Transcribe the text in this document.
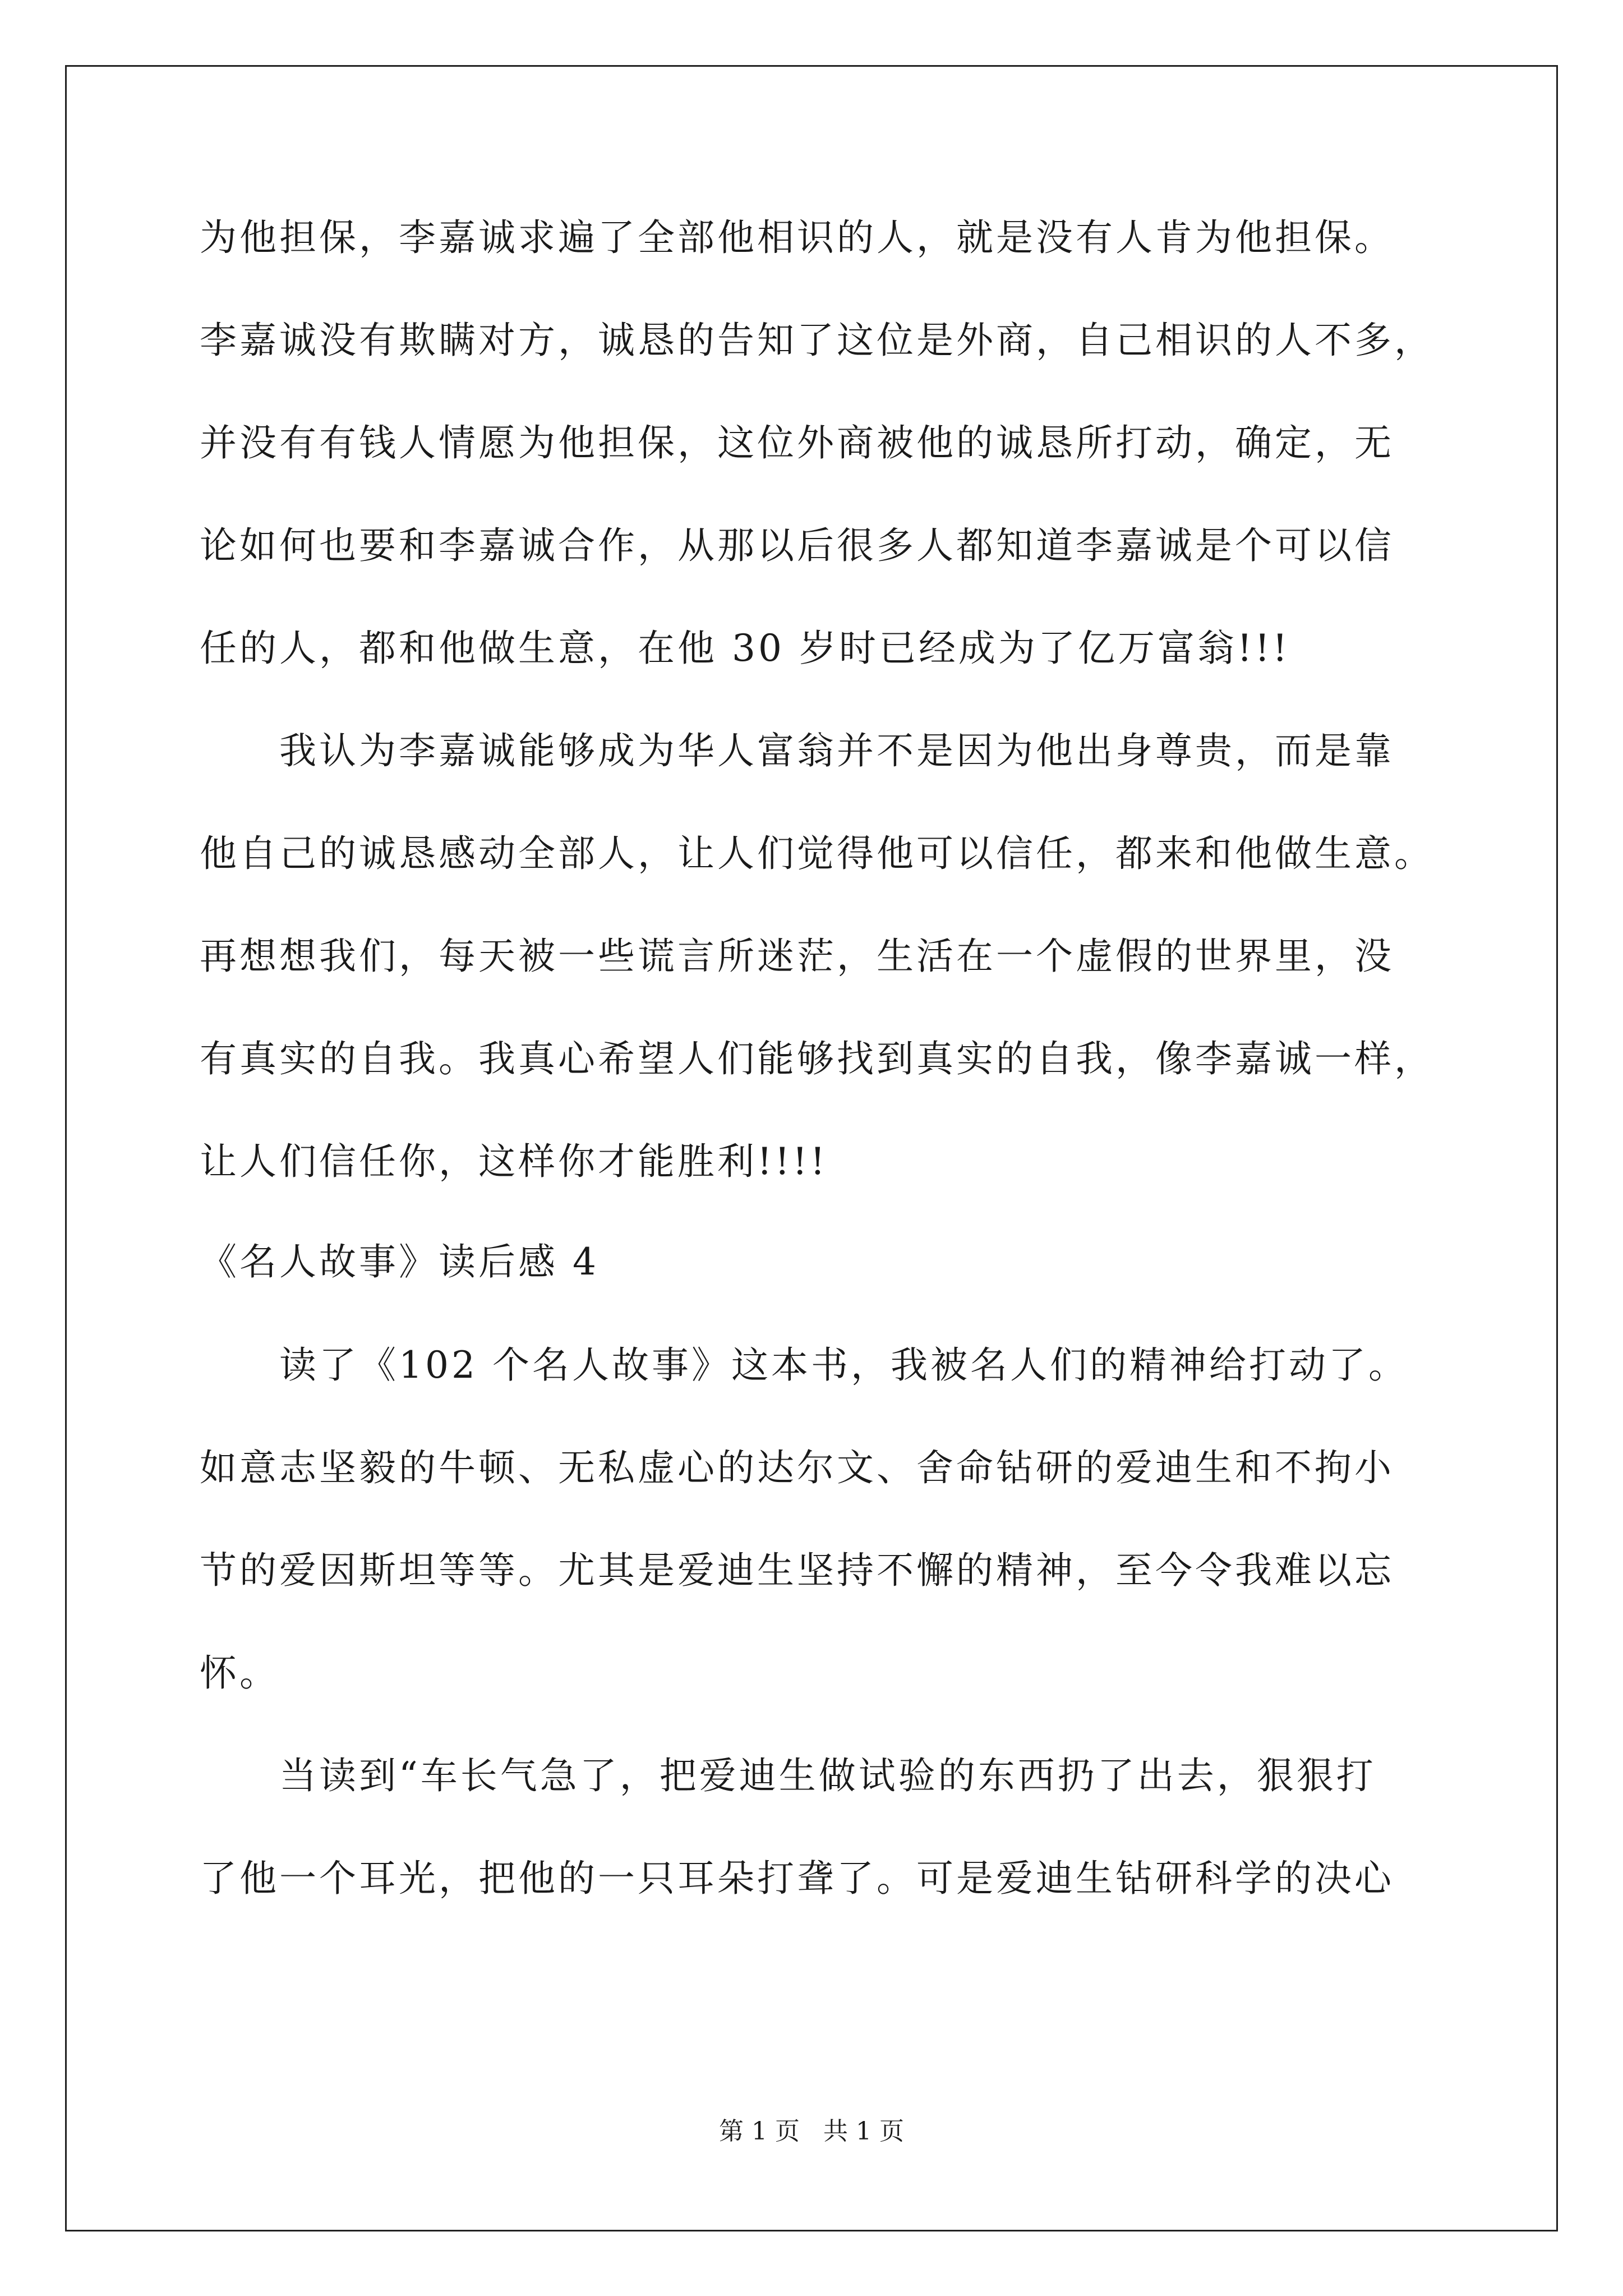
为他担保，李嘉诚求遍了全部他相识的人，就是没有人肯为他担保。
李嘉诚没有欺瞒对方，诚恳的告知了这位是外商，自己相识的人不多，
并没有有钱人情愿为他担保，这位外商被他的诚恳所打动，确定，无
论如何也要和李嘉诚合作，从那以后很多人都知道李嘉诚是个可以信
任的人，都和他做生意，在他 30 岁时已经成为了亿万富翁!!!
　　我认为李嘉诚能够成为华人富翁并不是因为他出身尊贵，而是靠
他自己的诚恳感动全部人，让人们觉得他可以信任，都来和他做生意。
再想想我们，每天被一些谎言所迷茫，生活在一个虚假的世界里，没
有真实的自我。我真心希望人们能够找到真实的自我，像李嘉诚一样，
让人们信任你，这样你才能胜利!!!!
《名人故事》读后感 4
　　读了《102 个名人故事》这本书，我被名人们的精神给打动了。
如意志坚毅的牛顿、无私虚心的达尔文、舍命钻研的爱迪生和不拘小
节的爱因斯坦等等。尤其是爱迪生坚持不懈的精神，至今令我难以忘
怀。
　　当读到“车长气急了，把爱迪生做试验的东西扔了出去，狠狠打
了他一个耳光，把他的一只耳朵打聋了。可是爱迪生钻研科学的决心
第 1 页   共 1 页
